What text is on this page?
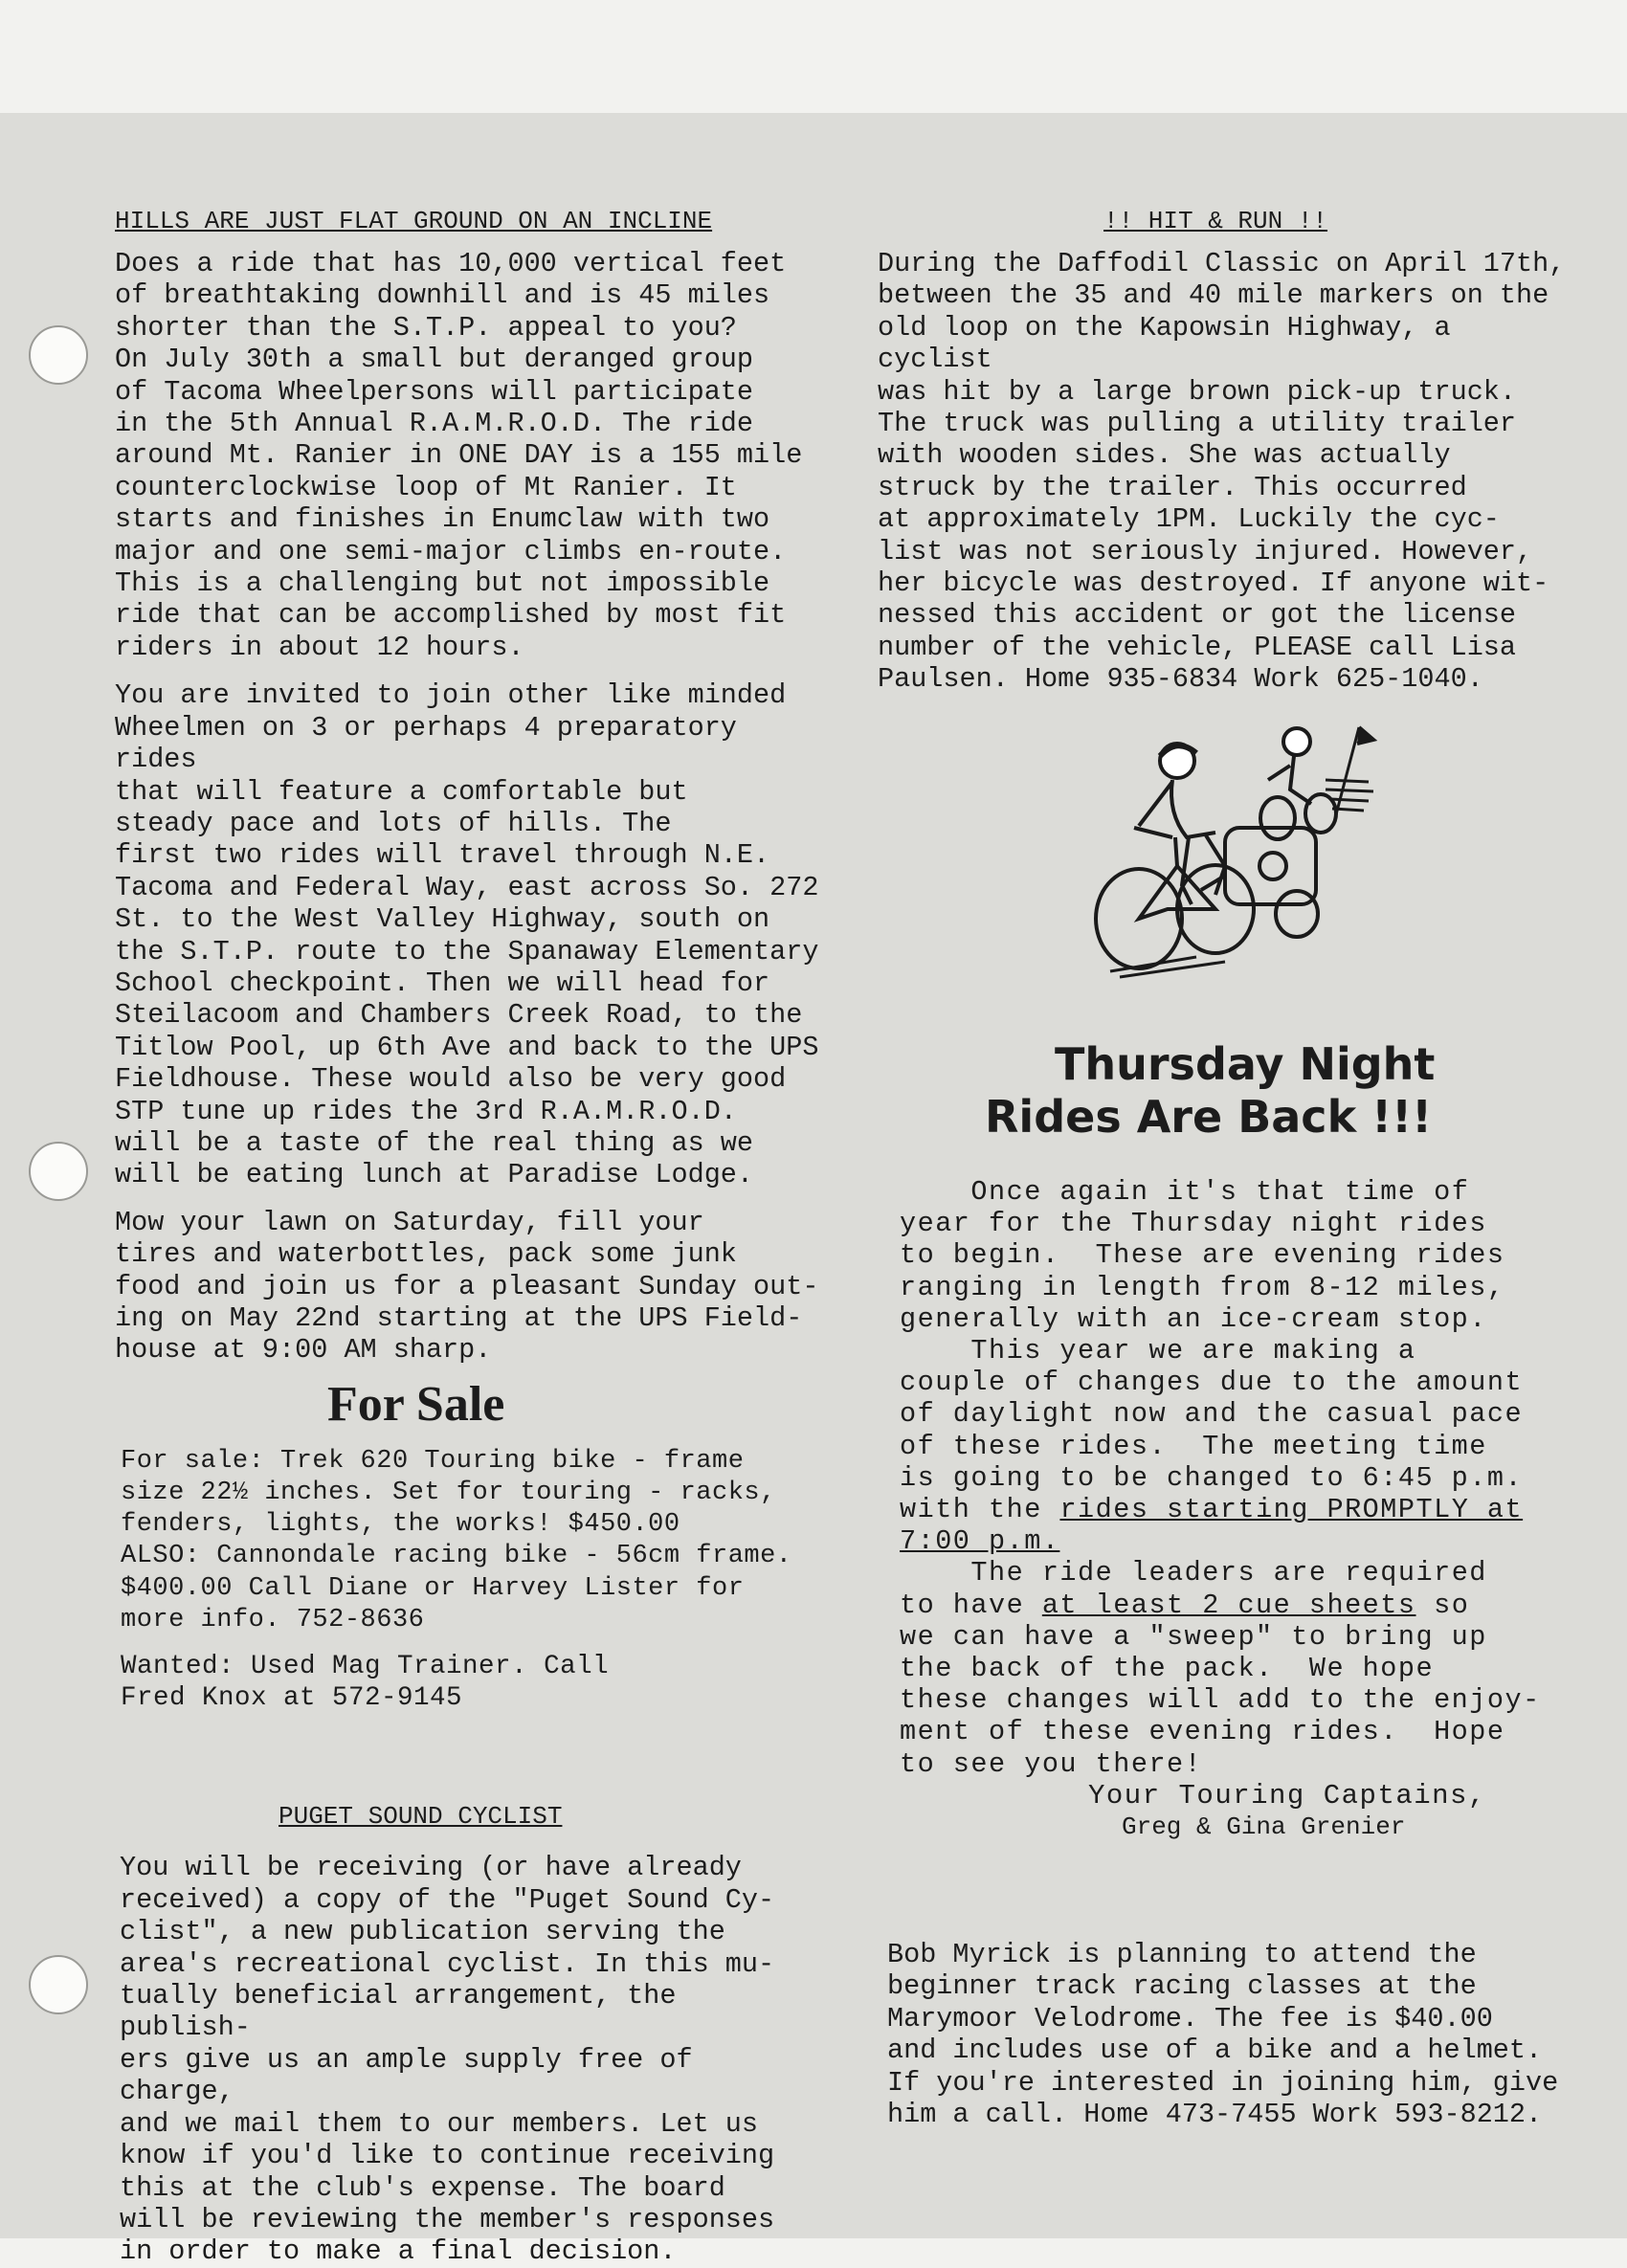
HILLS ARE JUST FLAT GROUND ON AN INCLINE

Does a ride that has 10,000 vertical feet
of breathtaking downhill and is 45 miles
shorter than the S.T.P. appeal to you?
On July 30th a small but deranged group
of Tacoma Wheelpersons will participate
in the 5th Annual R.A.M.R.O.D. The ride
around Mt. Ranier in ONE DAY is a 155 mile
counterclockwise loop of Mt Ranier. It
starts and finishes in Enumclaw with two
major and one semi-major climbs en-route.
This is a challenging but not impossible
ride that can be accomplished by most fit
riders in about 12 hours.

You are invited to join other like minded
Wheelmen on 3 or perhaps 4 preparatory rides
that will feature a comfortable but
steady pace and lots of hills. The
first two rides will travel through N.E.
Tacoma and Federal Way, east across So. 272
St. to the West Valley Highway, south on
the S.T.P. route to the Spanaway Elementary
School checkpoint. Then we will head for
Steilacoom and Chambers Creek Road, to the
Titlow Pool, up 6th Ave and back to the UPS
Fieldhouse. These would also be very good
STP tune up rides the 3rd R.A.M.R.O.D.
will be a taste of the real thing as we
will be eating lunch at Paradise Lodge.

Mow your lawn on Saturday, fill your
tires and waterbottles, pack some junk
food and join us for a pleasant Sunday out-
ing on May 22nd starting at the UPS Field-
house at 9:00 AM sharp.

For Sale

For sale: Trek 620 Touring bike - frame
size 22½ inches. Set for touring - racks,
fenders, lights, the works! $450.00
ALSO: Cannondale racing bike - 56cm frame.
$400.00 Call Diane or Harvey Lister for
more info. 752-8636

Wanted: Used Mag Trainer. Call
Fred Knox at 572-9145

PUGET SOUND CYCLIST

You will be receiving (or have already
received) a copy of the "Puget Sound Cy-
clist", a new publication serving the
area's recreational cyclist. In this mu-
tually beneficial arrangement, the publish-
ers give us an ample supply free of charge,
and we mail them to our members. Let us
know if you'd like to continue receiving
this at the club's expense. The board
will be reviewing the member's responses
in order to make a final decision.

!! HIT & RUN !!

During the Daffodil Classic on April 17th,
between the 35 and 40 mile markers on the
old loop on the Kapowsin Highway, a cyclist
was hit by a large brown pick-up truck.
The truck was pulling a utility trailer
with wooden sides. She was actually
struck by the trailer. This occurred
at approximately 1PM. Luckily the cyc-
list was not seriously injured. However,
her bicycle was destroyed. If anyone wit-
nessed this accident or got the license
number of the vehicle, PLEASE call Lisa
Paulsen. Home 935-6834 Work 625-1040.

Thursday Night
Rides Are Back !!!

Once again it's that time of
year for the Thursday night rides
to begin.  These are evening rides
ranging in length from 8-12 miles,
generally with an ice-cream stop.
This year we are making a
couple of changes due to the amount
of daylight now and the casual pace
of these rides.  The meeting time
is going to be changed to 6:45 p.m.
with the rides starting PROMPTLY at
7:00 p.m.
The ride leaders are required
to have at least 2 cue sheets so
we can have a "sweep" to bring up
the back of the pack.  We hope
these changes will add to the enjoy-
ment of these evening rides.  Hope
to see you there!

Your Touring Captains,

Greg & Gina Grenier

Bob Myrick is planning to attend the
beginner track racing classes at the
Marymoor Velodrome. The fee is $40.00
and includes use of a bike and a helmet.
If you're interested in joining him, give
him a call. Home 473-7455 Work 593-8212.
